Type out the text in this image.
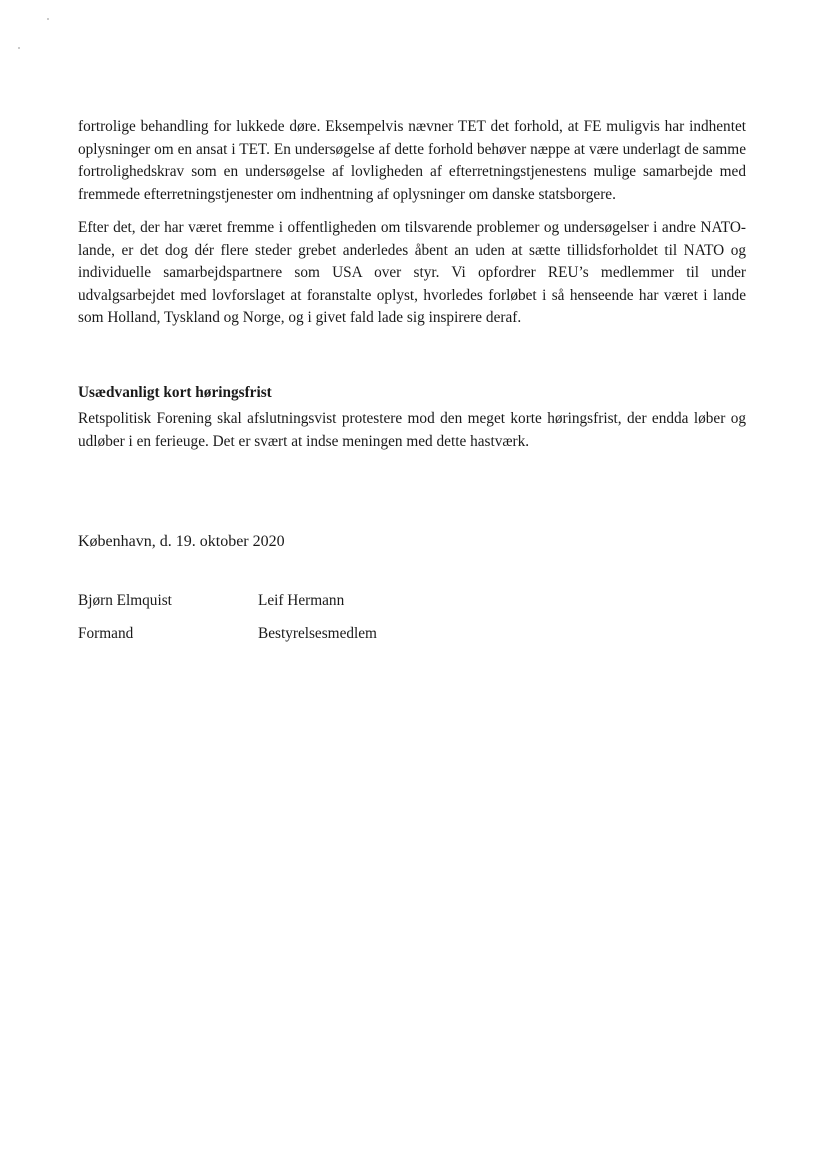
fortrolige behandling for lukkede døre. Eksempelvis nævner TET det forhold, at FE muligvis har indhentet oplysninger om en ansat i TET. En undersøgelse af dette forhold behøver næppe at være underlagt de samme fortrolighedskrav som en undersøgelse af lovligheden af efterretningstjenestens mulige samarbejde med fremmede efterretningstjenester om indhentning af oplysninger om danske statsborgere.

Efter det, der har været fremme i offentligheden om tilsvarende problemer og undersøgelser i andre NATO-lande, er det dog dér flere steder grebet anderledes åbent an uden at sætte tillidsforholdet til NATO og individuelle samarbejdspartnere som USA over styr. Vi opfordrer REU’s medlemmer til under udvalgsarbejdet med lovforslaget at foranstalte oplyst, hvorledes forløbet i så henseende har været i lande som Holland, Tyskland og Norge, og i givet fald lade sig inspirere deraf.

Usædvanligt kort høringsfrist

Retspolitisk Forening skal afslutningsvist protestere mod den meget korte høringsfrist, der endda løber og udløber i en ferieuge. Det er svært at indse meningen med dette hastværk.

København, d. 19. oktober 2020
Bjørn Elmquist	Leif Hermann
Formand	Bestyrelsesmedlem
